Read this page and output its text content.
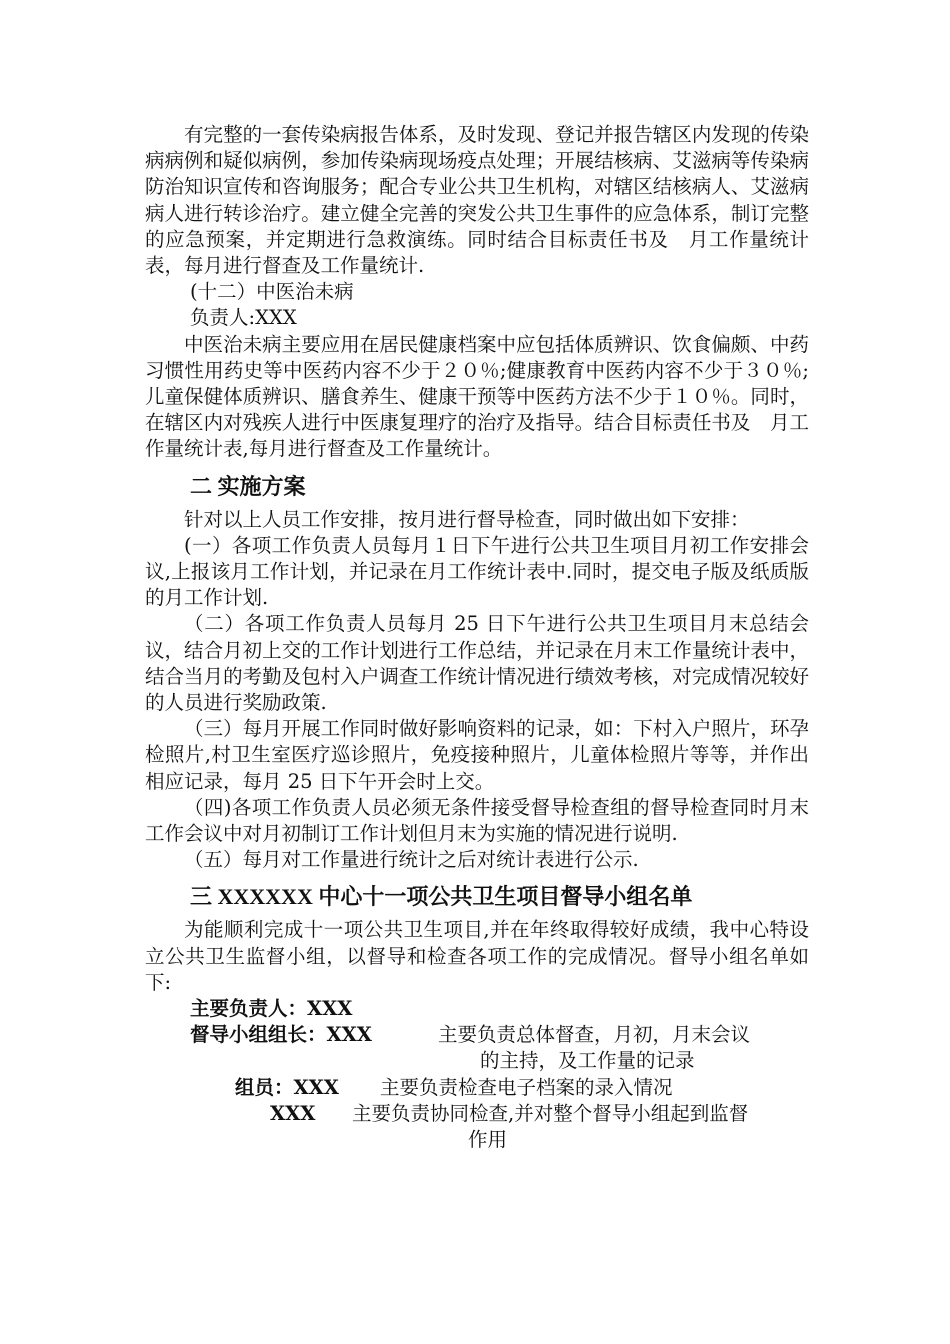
有完整的一套传染病报告体系，及时发现、登记并报告辖区内发现的传染病病例和疑似病例，参加传染病现场疫点处理；开展结核病、艾滋病等传染病防治知识宣传和咨询服务；配合专业公共卫生机构，对辖区结核病人、艾滋病病人进行转诊治疗。建立健全完善的突发公共卫生事件的应急体系，制订完整的应急预案，并定期进行急救演练。同时结合目标责任书及　月工作量统计表，每月进行督查及工作量统计.

(十二）中医治未病

负责人:XXX

中医治未病主要应用在居民健康档案中应包括体质辨识、饮食偏颇、中药习惯性用药史等中医药内容不少于２０％;健康教育中医药内容不少于３０％;儿童保健体质辨识、膳食养生、健康干预等中医药方法不少于１０％。同时，在辖区内对残疾人进行中医康复理疗的治疗及指导。结合目标责任书及　月工作量统计表,每月进行督查及工作量统计。

二 实施方案

针对以上人员工作安排，按月进行督导检查，同时做出如下安排：

(一）各项工作负责人员每月１日下午进行公共卫生项目月初工作安排会议,上报该月工作计划，并记录在月工作统计表中.同时，提交电子版及纸质版的月工作计划.

（二）各项工作负责人员每月 25 日下午进行公共卫生项目月末总结会议，结合月初上交的工作计划进行工作总结，并记录在月末工作量统计表中，结合当月的考勤及包村入户调查工作统计情况进行绩效考核，对完成情况较好的人员进行奖励政策.

（三）每月开展工作同时做好影响资料的记录，如：下村入户照片，环孕检照片,村卫生室医疗巡诊照片，免疫接种照片，儿童体检照片等等，并作出相应记录，每月 25 日下午开会时上交。

（四)各项工作负责人员必须无条件接受督导检查组的督导检查同时月末工作会议中对月初制订工作计划但月末为实施的情况进行说明.

（五）每月对工作量进行统计之后对统计表进行公示.

三 XXXXXX 中心十一项公共卫生项目督导小组名单

为能顺利完成十一项公共卫生项目,并在年终取得较好成绩，我中心特设立公共卫生监督小组，以督导和检查各项工作的完成情况。督导小组名单如下:

主要负责人：XXX
督导小组组长：XXX	主要负责总体督查，月初，月末会议
的主持，及工作量的记录
组员：XXX 主要负责检查电子档案的录入情况
XXX 主要负责协同检查,并对整个督导小组起到监督
作用
